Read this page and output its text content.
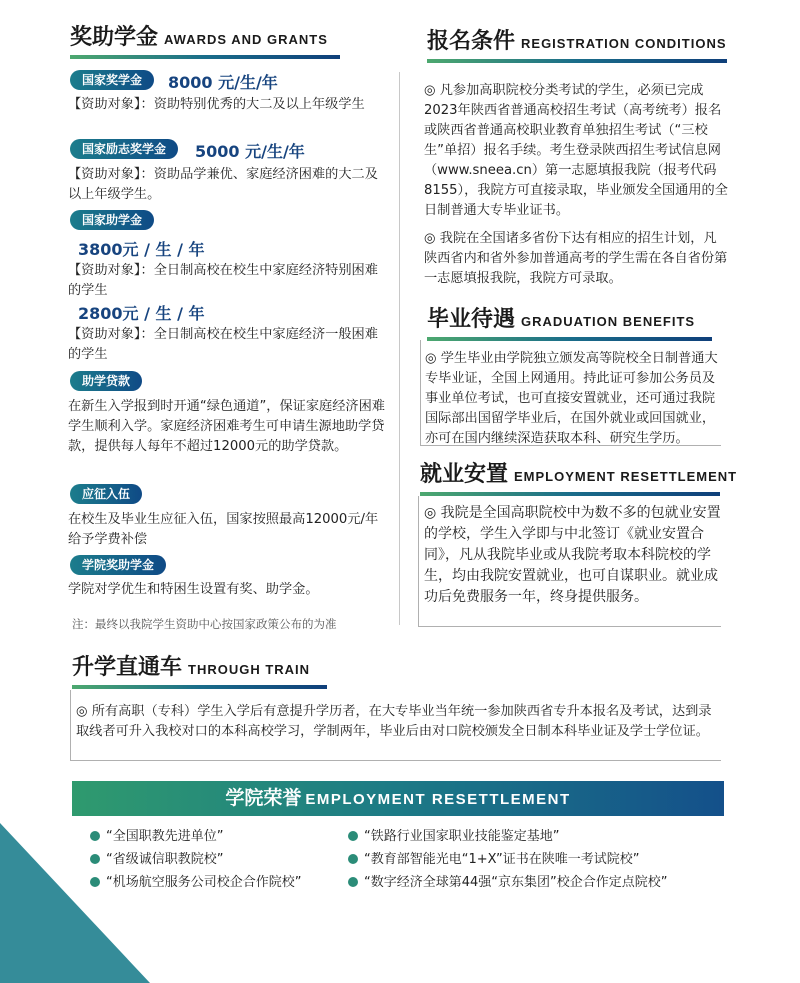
奖助学金 AWARDS AND GRANTS
国家奖学金	8000 元/生/年
【资助对象】：资助特别优秀的大二及以上年级学生
国家励志奖学金	5000 元/生/年
【资助对象】：资助品学兼优、家庭经济困难的大二及以上年级学生。
国家助学金
3800元 / 生 / 年
【资助对象】：全日制高校在校生中家庭经济特别困难的学生
2800元 / 生 / 年
【资助对象】：全日制高校在校生中家庭经济一般困难的学生
助学贷款
在新生入学报到时开通“绿色通道”，保证家庭经济困难学生顺利入学。家庭经济困难考生可申请生源地助学贷款，提供每人每年不超过12000元的助学贷款。
应征入伍
在校生及毕业生应征入伍，国家按照最高12000元/年给予学费补偿
学院奖助学金
学院对学优生和特困生设置有奖、助学金。
注：最终以我院学生资助中心按国家政策公布的为准
报名条件 REGISTRATION CONDITIONS
◎ 凡参加高职院校分类考试的学生，必须已完成2023年陕西省普通高校招生考试（高考统考）报名或陕西省普通高校职业教育单独招生考试（“三校生”单招）报名手续。考生登录陕西招生考试信息网（www.sneea.cn）第一志愿填报我院（报考代码8155），我院方可直接录取，毕业颁发全国通用的全日制普通大专毕业证书。
◎ 我院在全国诸多省份下达有相应的招生计划，凡陕西省内和省外参加普通高考的学生需在各自省份第一志愿填报我院，我院方可录取。
毕业待遇 GRADUATION BENEFITS
◎ 学生毕业由学院独立颁发高等院校全日制普通大专毕业证，全国上网通用。持此证可参加公务员及事业单位考试，也可直接安置就业，还可通过我院国际部出国留学毕业后，在国外就业或回国就业，亦可在国内继续深造获取本科、研究生学历。
就业安置 EMPLOYMENT RESETTLEMENT
◎ 我院是全国高职院校中为数不多的包就业安置的学校，学生入学即与中北签订《就业安置合同》，凡从我院毕业或从我院考取本科院校的学生，均由我院安置就业，也可自谋职业。就业成功后免费服务一年，终身提供服务。
升学直通车 THROUGH TRAIN
◎ 所有高职（专科）学生入学后有意提升学历者，在大专毕业当年统一参加陕西省专升本报名及考试，达到录取线者可升入我校对口的本科高校学习，学制两年，毕业后由对口院校颁发全日制本科毕业证及学士学位证。
学院荣誉 EMPLOYMENT RESETTLEMENT
“全国职教先进单位”
“省级诚信职教院校”
“机场航空服务公司校企合作院校”
“铁路行业国家职业技能鉴定基地”
“教育部智能光电“1+X”证书在陕唯一考试院校”
“数字经济全球第44强“京东集团”校企合作定点院校”
